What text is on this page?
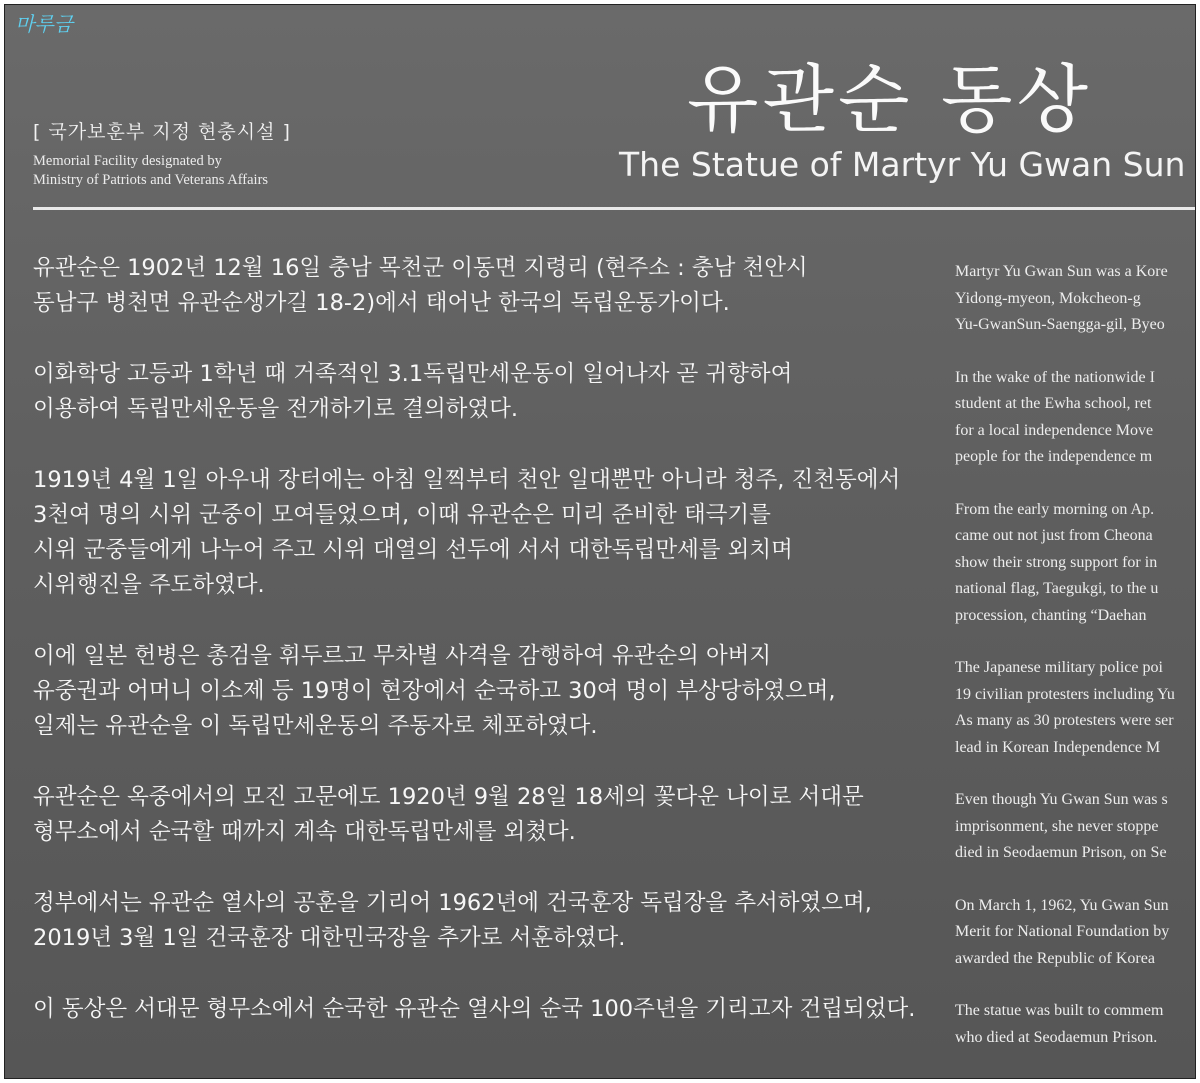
마루금
[ 국가보훈부 지정 현충시설 ]
Memorial Facility designated by
Ministry of Patriots and Veterans Affairs
유관순 동상
The Statue of Martyr Yu Gwan Sun
유관순은 1902년 12월 16일 충남 목천군 이동면 지령리 (현주소 : 충남 천안시
동남구 병천면 유관순생가길 18-2)에서 태어난 한국의 독립운동가이다.
이화학당 고등과 1학년 때 거족적인 3.1독립만세운동이 일어나자 곧 귀향하여
이용하여 독립만세운동을 전개하기로 결의하였다.
1919년 4월 1일 아우내 장터에는 아침 일찍부터 천안 일대뿐만 아니라 청주, 진천동에서
3천여 명의 시위 군중이 모여들었으며, 이때 유관순은 미리 준비한 태극기를
시위 군중들에게 나누어 주고 시위 대열의 선두에 서서 대한독립만세를 외치며
시위행진을 주도하였다.
이에 일본 헌병은 총검을 휘두르고 무차별 사격을 감행하여 유관순의 아버지
유중권과 어머니 이소제 등 19명이 현장에서 순국하고 30여 명이 부상당하였으며,
일제는 유관순을 이 독립만세운동의 주동자로 체포하였다.
유관순은 옥중에서의 모진 고문에도 1920년 9월 28일 18세의 꽃다운 나이로 서대문
형무소에서 순국할 때까지 계속 대한독립만세를 외쳤다.
정부에서는 유관순 열사의 공훈을 기리어 1962년에 건국훈장 독립장을 추서하였으며,
2019년 3월 1일 건국훈장 대한민국장을 추가로 서훈하였다.
이 동상은 서대문 형무소에서 순국한 유관순 열사의 순국 100주년을 기리고자 건립되었다.
Martyr Yu Gwan Sun was a Kore
Yidong-myeon, Mokcheon-g
Yu-GwanSun-Saengga-gil, Byeo
In the wake of the nationwide I
student at the Ewha school, ret
for a local independence Move
people for the independence m
From the early morning on Ap.
came out not just from Cheona
show their strong support for in
national flag, Taegukgi, to the u
procession, chanting “Daehan
The Japanese military police poi
19 civilian protesters including Yu
As many as 30 protesters were ser
lead in Korean Independence M
Even though Yu Gwan Sun was s
imprisonment, she never stoppe
died in Seodaemun Prison, on Se
On March 1, 1962, Yu Gwan Sun
Merit for National Foundation by
awarded the Republic of Korea
The statue was built to commem
who died at Seodaemun Prison.
